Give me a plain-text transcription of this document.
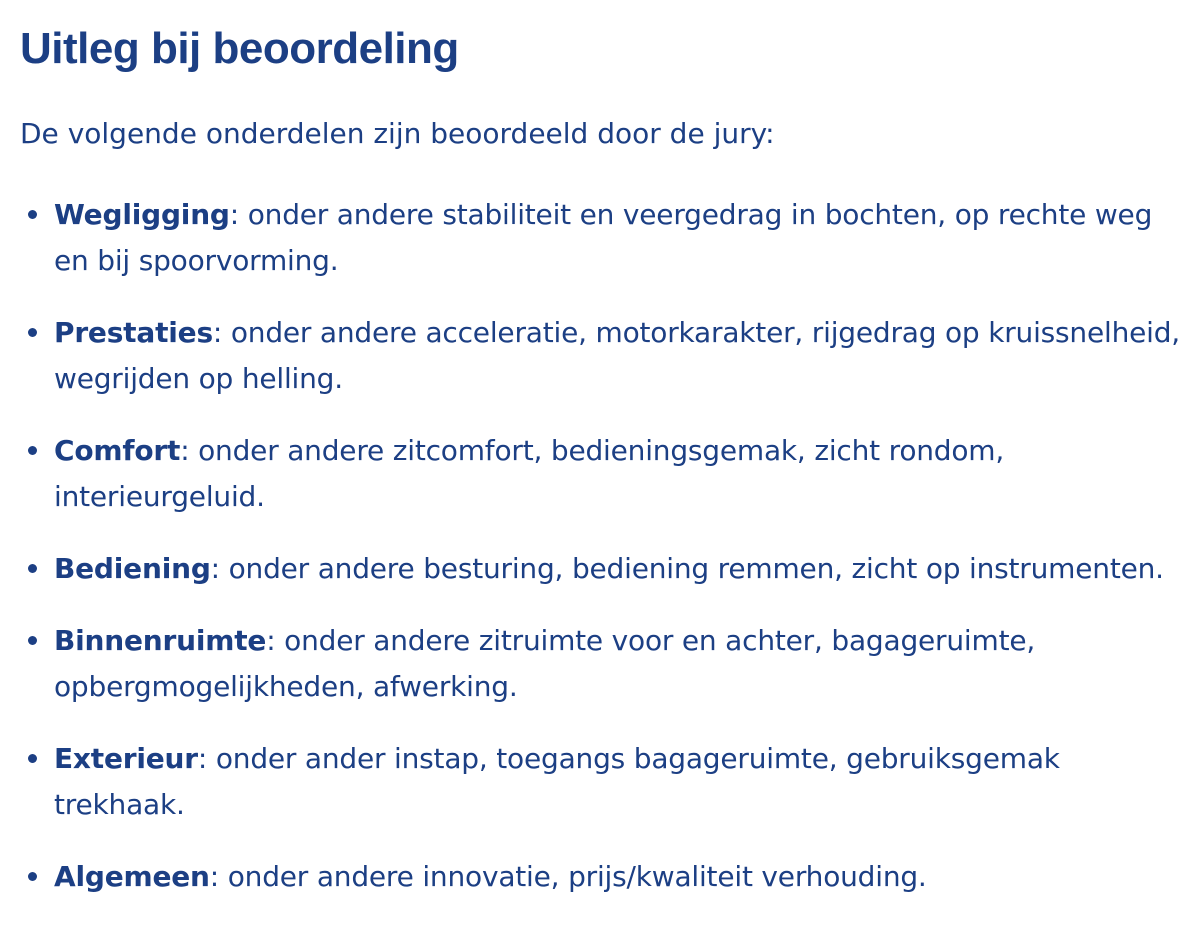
Uitleg bij beoordeling

De volgende onderdelen zijn beoordeeld door de jury:

Wegligging: onder andere stabiliteit en veergedrag in bochten, op rechte weg en bij spoorvorming.
Prestaties: onder andere acceleratie, motorkarakter, rijgedrag op kruissnelheid, wegrijden op helling.
Comfort: onder andere zitcomfort, bedieningsgemak, zicht rondom, interieurgeluid.
Bediening: onder andere besturing, bediening remmen, zicht op instrumenten.
Binnenruimte: onder andere zitruimte voor en achter, bagageruimte, opbergmogelijkheden, afwerking.
Exterieur: onder ander instap, toegangs bagageruimte, gebruiksgemak trekhaak.
Algemeen: onder andere innovatie, prijs/kwaliteit verhouding.
